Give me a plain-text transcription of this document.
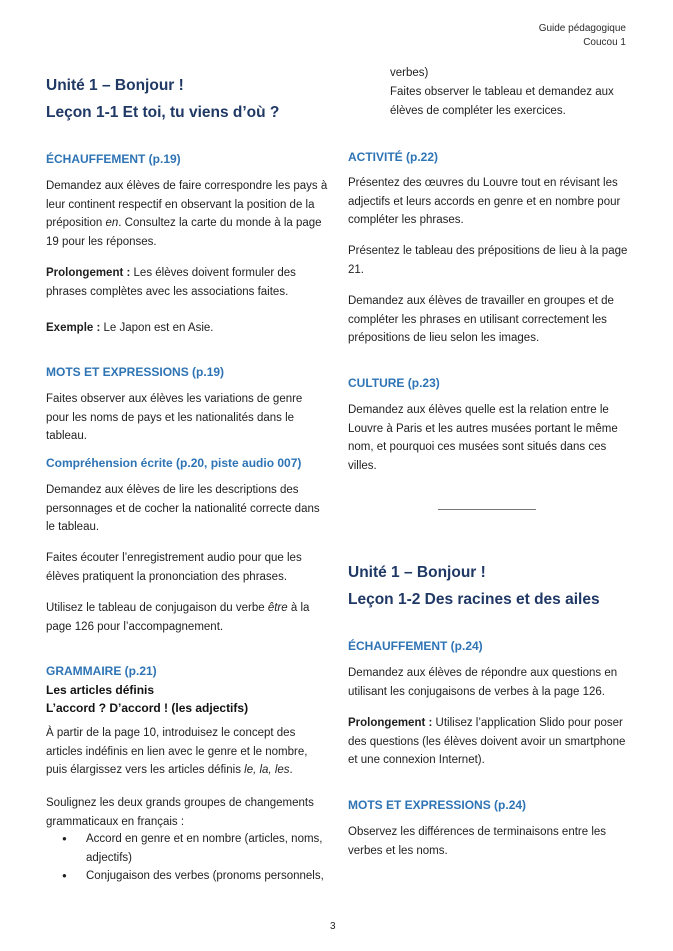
Guide pédagogique
Coucou 1
Unité 1 – Bonjour !
Leçon 1-1 Et toi, tu viens d’où ?
ÉCHAUFFEMENT (p.19)

Demandez aux élèves de faire correspondre les pays à leur continent respectif en observant la position de la préposition en. Consultez la carte du monde à la page 19 pour les réponses.

Prolongement : Les élèves doivent formuler des phrases complètes avec les associations faites.

Exemple : Le Japon est en Asie.

MOTS ET EXPRESSIONS (p.19)

Faites observer aux élèves les variations de genre pour les noms de pays et les nationalités dans le tableau.

Compréhension écrite (p.20, piste audio 007)

Demandez aux élèves de lire les descriptions des personnages et de cocher la nationalité correcte dans le tableau.

Faites écouter l’enregistrement audio pour que les élèves pratiquent la prononciation des phrases.

Utilisez le tableau de conjugaison du verbe être à la page 126 pour l’accompagnement.

GRAMMAIRE (p.21)
Les articles définis
L’accord ? D’accord ! (les adjectifs)

À partir de la page 10, introduisez le concept des articles indéfinis en lien avec le genre et le nombre, puis élargissez vers les articles définis le, la, les.

Soulignez les deux grands groupes de changements grammaticaux en français :

● Accord en genre et en nombre (articles, noms, adjectifs)
● Conjugaison des verbes (pronoms personnels,

verbes)

Faites observer le tableau et demandez aux élèves de compléter les exercices.

ACTIVITÉ (p.22)

Présentez des œuvres du Louvre tout en révisant les adjectifs et leurs accords en genre et en nombre pour compléter les phrases.

Présentez le tableau des prépositions de lieu à la page 21.

Demandez aux élèves de travailler en groupes et de compléter les phrases en utilisant correctement les prépositions de lieu selon les images.

CULTURE (p.23)

Demandez aux élèves quelle est la relation entre le Louvre à Paris et les autres musées portant le même nom, et pourquoi ces musées sont situés dans ces villes.

Unité 1 – Bonjour !
Leçon 1-2 Des racines et des ailes
ÉCHAUFFEMENT (p.24)

Demandez aux élèves de répondre aux questions en utilisant les conjugaisons de verbes à la page 126.

Prolongement : Utilisez l’application Slido pour poser des questions (les élèves doivent avoir un smartphone et une connexion Internet).

MOTS ET EXPRESSIONS (p.24)

Observez les différences de terminaisons entre les verbes et les noms.

3
